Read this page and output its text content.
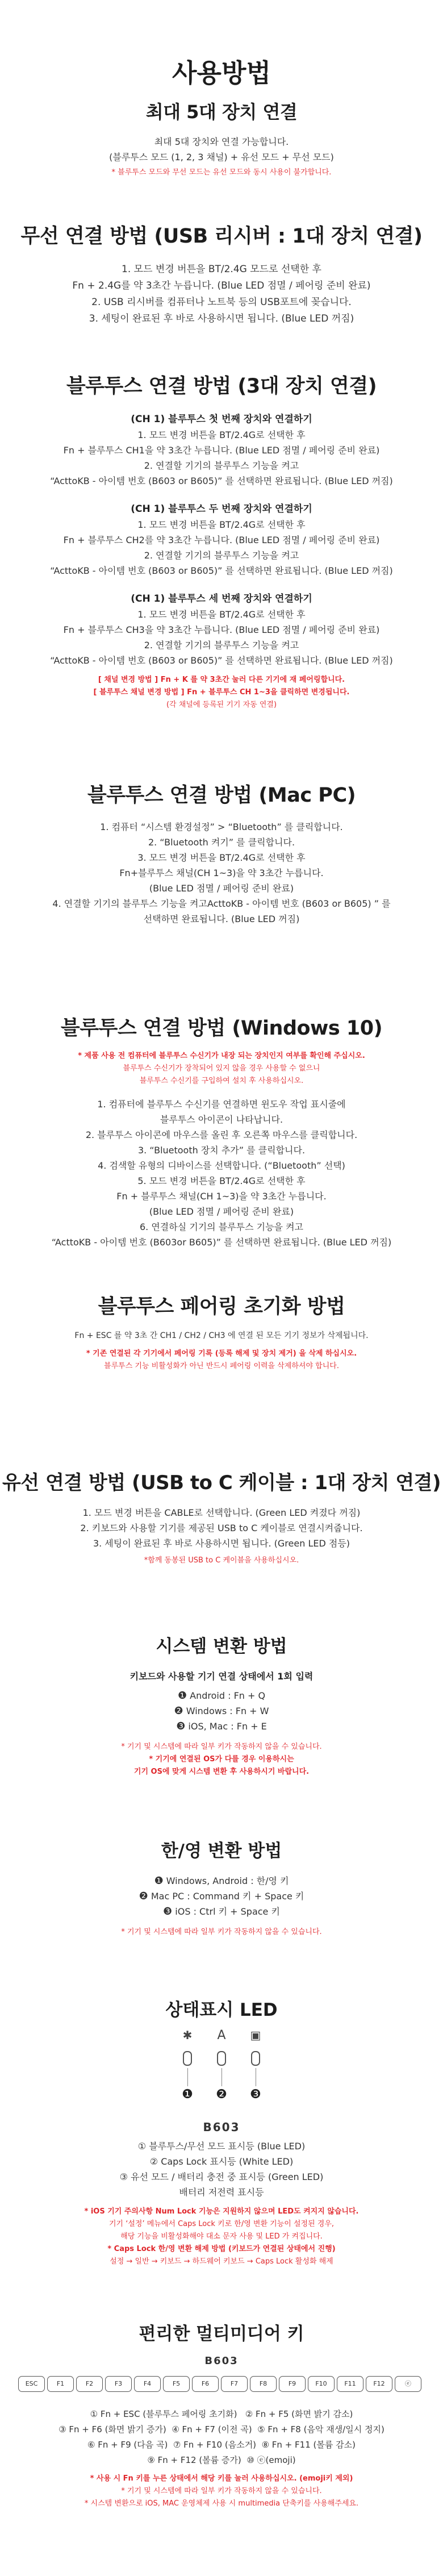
사용방법

최대 5대 장치 연결

최대 5대 장치와 연결 가능합니다.

(블루투스 모드 (1, 2, 3 채널) + 유선 모드 + 무선 모드)

* 블루투스 모드와 무선 모드는 유선 모드와 동시 사용이 불가합니다.

무선 연결 방법 (USB 리시버 : 1대 장치 연결)

1. 모드 변경 버튼을 BT/2.4G 모드로 선택한 후

Fn + 2.4G를 약 3초간 누릅니다. (Blue LED 점멸 / 페어링 준비 완료)

2. USB 리시버를 컴퓨터나 노트북 등의 USB포트에 꽂습니다.

3. 세팅이 완료된 후 바로 사용하시면 됩니다. (Blue LED 꺼짐)

블루투스 연결 방법 (3대 장치 연결)

(CH 1) 블루투스 첫 번째 장치와 연결하기

1. 모드 변경 버튼을 BT/2.4G로 선택한 후

Fn + 블루투스 CH1을 약 3초간 누릅니다. (Blue LED 점멸 / 페어링 준비 완료)

2. 연결할 기기의 블루투스 기능을 켜고

“ActtoKB - 아이템 번호 (B603 or B605)” 를 선택하면 완료됩니다. (Blue LED 꺼짐)

(CH 1) 블루투스 두 번째 장치와 연결하기

1. 모드 변경 버튼을 BT/2.4G로 선택한 후

Fn + 블루투스 CH2를 약 3초간 누릅니다. (Blue LED 점멸 / 페어링 준비 완료)

2. 연결할 기기의 블루투스 기능을 켜고

“ActtoKB - 아이템 번호 (B603 or B605)” 를 선택하면 완료됩니다. (Blue LED 꺼짐)

(CH 1) 블루투스 세 번째 장치와 연결하기

1. 모드 변경 버튼을 BT/2.4G로 선택한 후

Fn + 블루투스 CH3을 약 3초간 누릅니다. (Blue LED 점멸 / 페어링 준비 완료)

2. 연결할 기기의 블루투스 기능을 켜고

“ActtoKB - 아이템 번호 (B603 or B605)” 를 선택하면 완료됩니다. (Blue LED 꺼짐)

[ 채널 변경 방법 ] Fn + K 를 약 3초간 눌러 다른 기기에 재 페어링합니다.

[ 블루투스 채널 변경 방법 ] Fn + 블루투스 CH 1~3을 클릭하면 변경됩니다.

(각 채널에 등록된 기기 자동 연결)

블루투스 연결 방법 (Mac PC)

1. 컴퓨터 “시스템 환경설정” > “Bluetooth” 를 클릭합니다.

2. “Bluetooth 켜기” 를 클릭합니다.

3. 모드 변경 버튼을 BT/2.4G로 선택한 후

Fn+블루투스 채널(CH 1~3)을 약 3초간 누릅니다.

(Blue LED 점멸 / 페어링 준비 완료)

4. 연결할 기기의 블루투스 기능을 켜고ActtoKB - 아이템 번호 (B603 or B605) ” 를

선택하면 완료됩니다. (Blue LED 꺼짐)

블루투스 연결 방법 (Windows 10)

* 제품 사용 전 컴퓨터에 블루투스 수신기가 내장 되는 장치인지 여부를 확인해 주십시오.

블루투스 수신기가 장착되어 있지 않을 경우 사용할 수 없으니

블루투스 수신기를 구입하여 설치 후 사용하십시오.

1. 컴퓨터에 블루투스 수신기를 연결하면 윈도우 작업 표시줄에

블루투스 아이콘이 나타납니다.

2. 블루투스 아이콘에 마우스를 올린 후 오른쪽 마우스를 클릭합니다.

3. “Bluetooth 장치 추가” 를 클릭합니다.

4. 검색할 유형의 디바이스를 선택합니다. (“Bluetooth” 선택)

5. 모드 변경 버튼을 BT/2.4G로 선택한 후

Fn + 블루투스 채널(CH 1~3)을 약 3초간 누릅니다.

(Blue LED 점멸 / 페어링 준비 완료)

6. 연결하실 기기의 블루투스 기능을 켜고

“ActtoKB - 아이템 번호 (B603or B605)” 를 선택하면 완료됩니다. (Blue LED 꺼짐)

블루투스 페어링 초기화 방법

Fn + ESC 를 약 3초 간 CH1 / CH2 / CH3 에 연결 된 모든 기기 정보가 삭제됩니다.

* 기존 연결된 각 기기에서 페어링 기록 (등록 해제 및 장치 제거) 을 삭제 하십시오.

블루투스 기능 비활성화가 아닌 반드시 페어링 이력을 삭제하셔야 합니다.

유선 연결 방법 (USB to C 케이블 : 1대 장치 연결)

1. 모드 변경 버튼을 CABLE로 선택합니다. (Green LED 켜졌다 꺼짐)

2. 키보드와 사용할 기기를 제공된 USB to C 케이블로 연결시켜줍니다.

3. 세팅이 완료된 후 바로 사용하시면 됩니다. (Green LED 점등)

*함께 동봉된 USB to C 케이블을 사용하십시오.

시스템 변환 방법

키보드와 사용할 기기 연결 상태에서 1회 입력

❶ Android : Fn + Q

❷ Windows : Fn + W

❸ iOS, Mac : Fn + E

* 기기 및 시스템에 따라 일부 키가 작동하지 않을 수 있습니다.

* 기기에 연결된 OS가 다를 경우 이용하시는

기기 OS에 맞게 시스템 변환 후 사용하시기 바랍니다.

한/영 변환 방법

❶ Windows, Android : 한/영 키

❷ Mac PC : Command 키 + Space 키

❸ iOS : Ctrl 키 + Space 키

* 기기 및 시스템에 따라 일부 키가 작동하지 않을 수 있습니다.

상태표시 LED

✱	A	▣
❶ ❷ ❸

B603

① 블루투스/무선 모드 표시등 (Blue LED)

② Caps Lock 표시등 (White LED)

③ 유선 모드 / 배터리 충전 중 표시등 (Green LED)

배터리 저전력 표시등

* iOS 기기 주의사항 Num Lock 기능은 지원하지 않으며 LED도 켜지지 않습니다.

기기 ‘설정’ 메뉴에서 Caps Lock 키로 한/영 변환 기능이 설정된 경우,

해당 기능을 비활성화해야 대소 문자 사용 및 LED 가 켜집니다.

* Caps Lock 한/영 변환 해제 방법 (키보드가 연결된 상태에서 진행)

설정 → 일반 → 키보드 → 하드웨어 키보드 → Caps Lock 활성화 해제

편리한 멀티미디어 키

B603

ESC	F1	F2	F3	F4	F5	F6	F7	F8	F9	F10	F11	F12	ⓔ

① Fn + ESC (블루투스 페어링 초기화) ② Fn + F5 (화면 밝기 감소)

③ Fn + F6 (화면 밝기 증가) ④ Fn + F7 (이전 곡) ⑤ Fn + F8 (음악 재생/일시 정지)

⑥ Fn + F9 (다음 곡) ⑦ Fn + F10 (음소거) ⑧ Fn + F11 (볼륨 감소)

⑨ Fn + F12 (볼륨 증가) ⑩ ⓔ(emoji)

* 사용 시 Fn 키를 누른 상태에서 해당 키를 눌러 사용하십시오. (emoji키 제외)

* 기기 및 시스템에 따라 일부 키가 작동하지 않을 수 있습니다.

* 시스템 변환으로 iOS, MAC 운영체제 사용 시 multimedia 단축키를 사용해주세요.
